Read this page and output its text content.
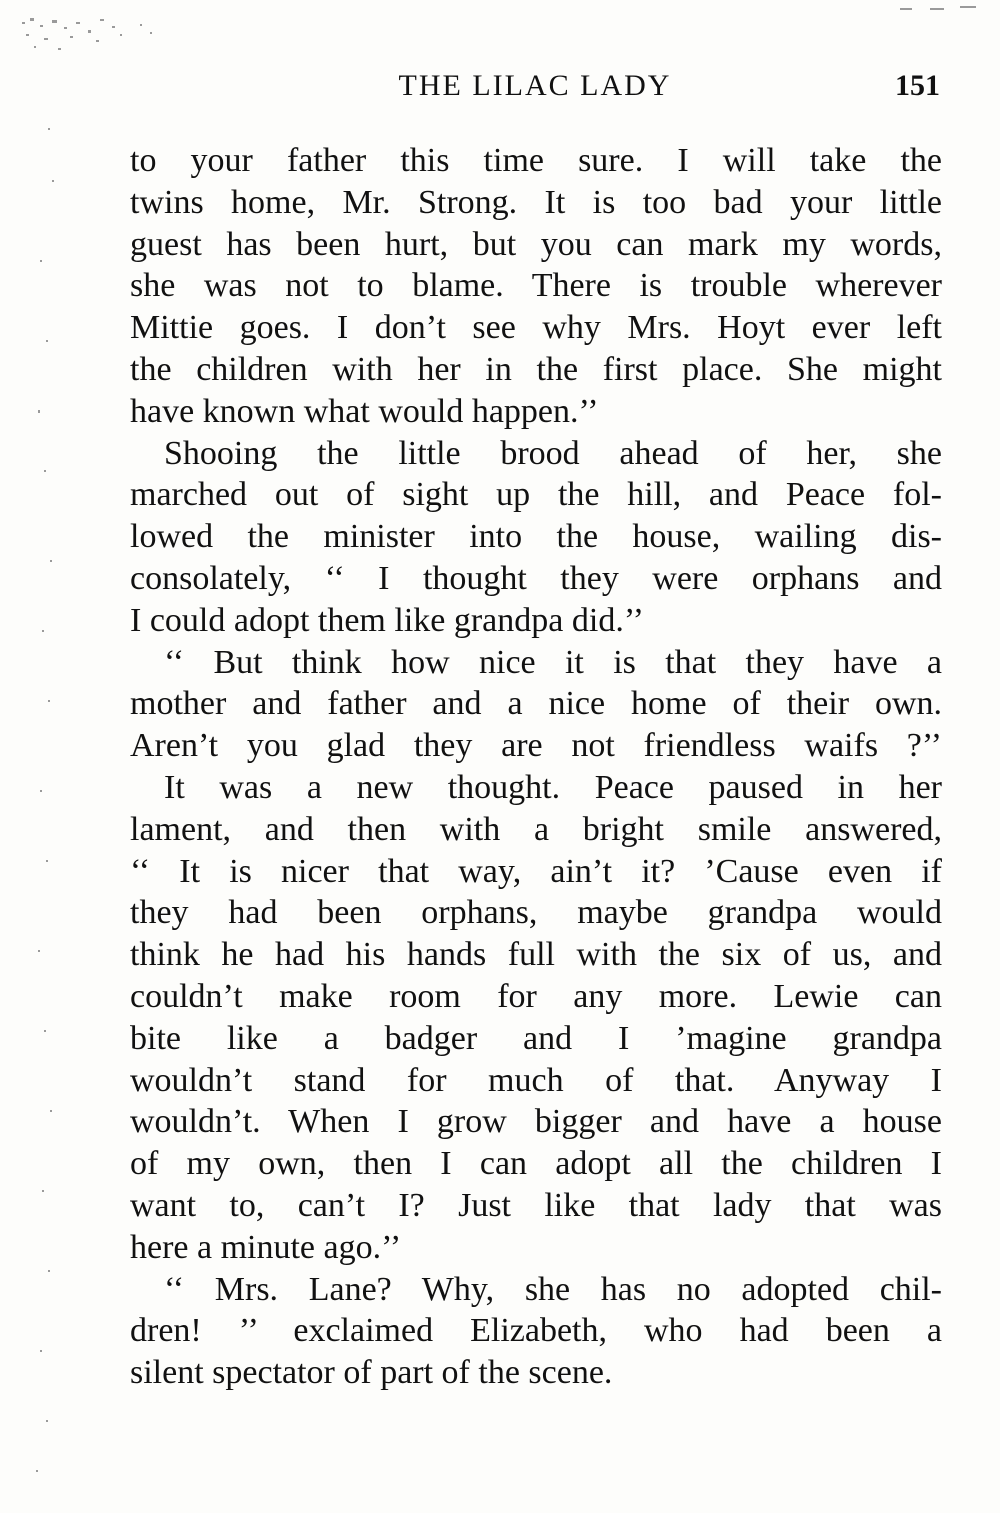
THE LILAC LADY	151
to your father this time sure. I will take the
twins home, Mr. Strong. It is too bad your little
guest has been hurt, but you can mark my words,
she was not to blame. There is trouble wherever
Mittie goes. I don’t see why Mrs. Hoyt ever left
the children with her in the first place. She might
have known what would happen.’’
Shooing the little brood ahead of her, she
marched out of sight up the hill, and Peace fol-
lowed the minister into the house, wailing dis-
consolately, ‘‘ I thought they were orphans and
I could adopt them like grandpa did.’’
‘‘ But think how nice it is that they have a
mother and father and a nice home of their own.
Aren’t you glad they are not friendless waifs ?’’
It was a new thought. Peace paused in her
lament, and then with a bright smile answered,
‘‘ It is nicer that way, ain’t it? ’Cause even if
they had been orphans, maybe grandpa would
think he had his hands full with the six of us, and
couldn’t make room for any more. Lewie can
bite like a badger and I ’magine grandpa
wouldn’t stand for much of that. Anyway I
wouldn’t. When I grow bigger and have a house
of my own, then I can adopt all the children I
want to, can’t I? Just like that lady that was
here a minute ago.’’
‘‘ Mrs. Lane? Why, she has no adopted chil-
dren! ’’ exclaimed Elizabeth, who had been a
silent spectator of part of the scene.
